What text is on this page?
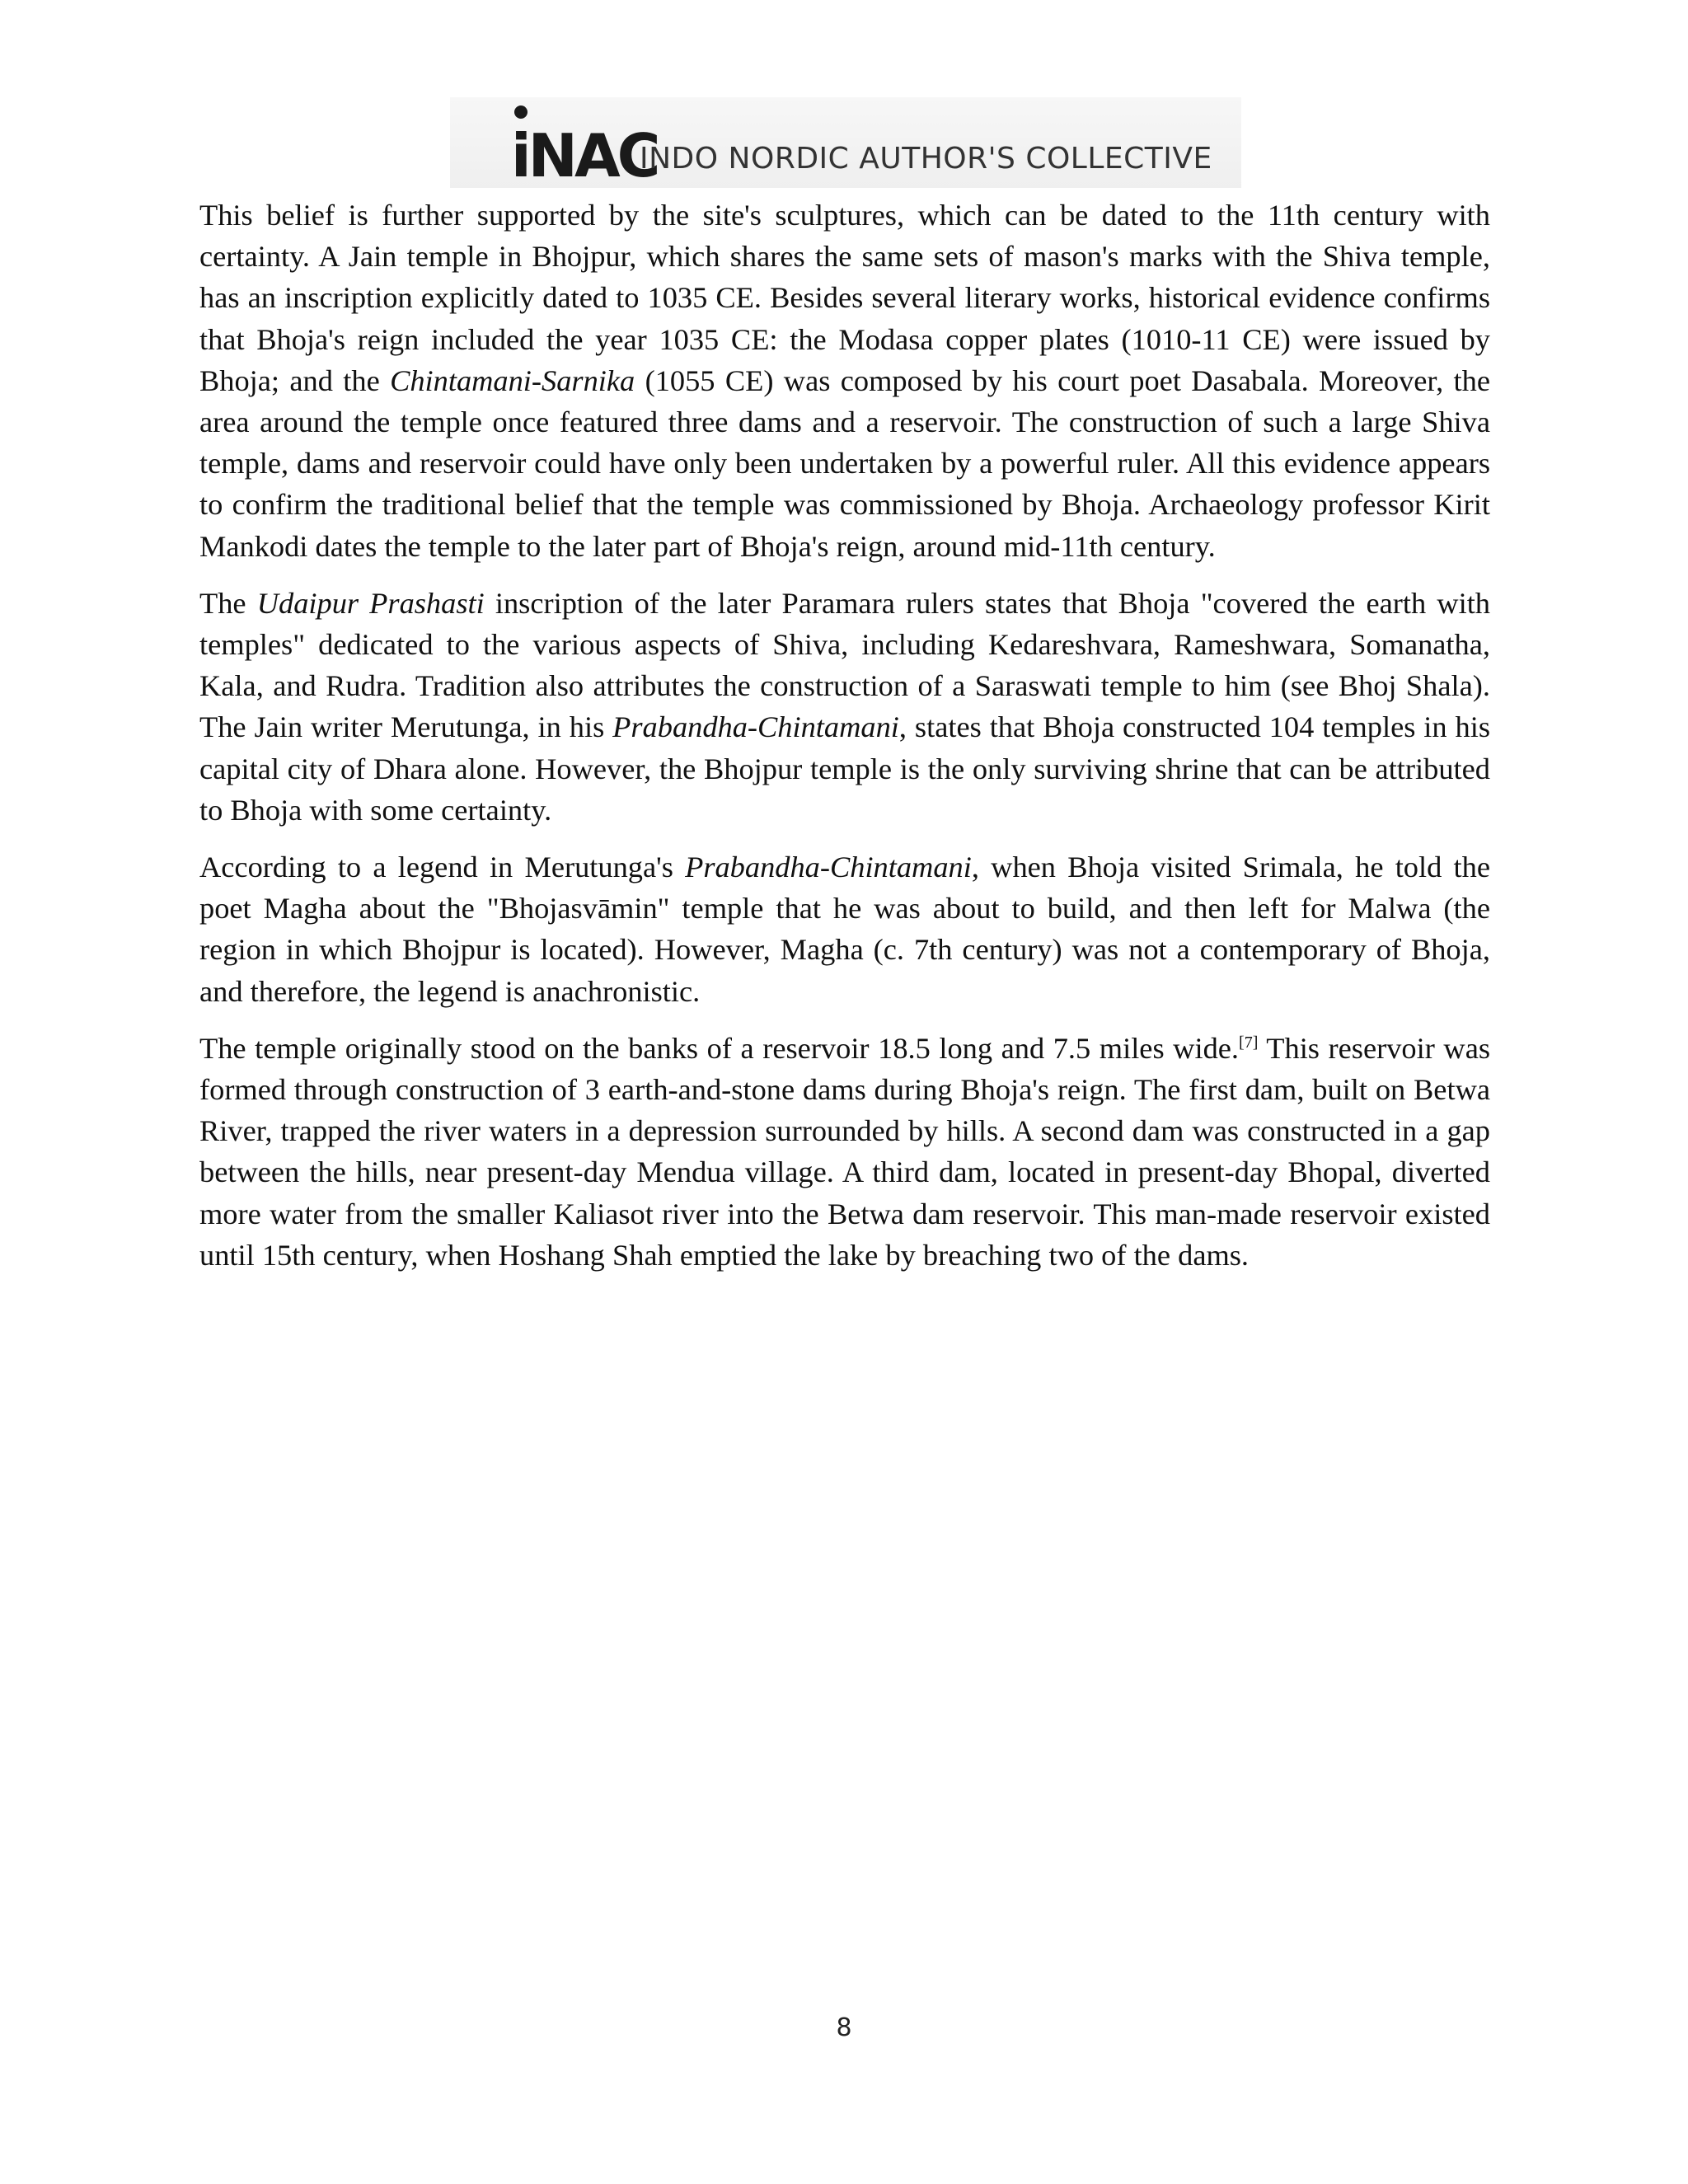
iNAC
INDO NORDIC AUTHOR'S COLLECTIVE

This belief is further supported by the site's sculptures, which can be dated to the 11th century with certainty. A Jain temple in Bhojpur, which shares the same sets of mason's marks with the Shiva temple, has an inscription explicitly dated to 1035 CE. Besides several literary works, historical evidence confirms that Bhoja's reign included the year 1035 CE: the Modasa copper plates (1010-11 CE) were issued by Bhoja; and the Chintamani-Sarnika (1055 CE) was composed by his court poet Dasabala. Moreover, the area around the temple once featured three dams and a reservoir. The construction of such a large Shiva temple, dams and reservoir could have only been undertaken by a powerful ruler. All this evidence appears to confirm the traditional belief that the temple was commissioned by Bhoja. Archaeology professor Kirit Mankodi dates the temple to the later part of Bhoja's reign, around mid-11th century.

The Udaipur Prashasti inscription of the later Paramara rulers states that Bhoja "covered the earth with temples" dedicated to the various aspects of Shiva, including Kedareshvara, Rameshwara, Somanatha, Kala, and Rudra. Tradition also attributes the construction of a Saraswati temple to him (see Bhoj Shala). The Jain writer Merutunga, in his Prabandha-Chintamani, states that Bhoja constructed 104 temples in his capital city of Dhara alone. However, the Bhojpur temple is the only surviving shrine that can be attributed to Bhoja with some certainty.

According to a legend in Merutunga's Prabandha-Chintamani, when Bhoja visited Srimala, he told the poet Magha about the "Bhojasvāmin" temple that he was about to build, and then left for Malwa (the region in which Bhojpur is located). However, Magha (c. 7th century) was not a contemporary of Bhoja, and therefore, the legend is anachronistic.

The temple originally stood on the banks of a reservoir 18.5 long and 7.5 miles wide.[7] This reservoir was formed through construction of 3 earth-and-stone dams during Bhoja's reign. The first dam, built on Betwa River, trapped the river waters in a depression surrounded by hills. A second dam was constructed in a gap between the hills, near present-day Mendua village. A third dam, located in present-day Bhopal, diverted more water from the smaller Kaliasot river into the Betwa dam reservoir. This man-made reservoir existed until 15th century, when Hoshang Shah emptied the lake by breaching two of the dams.

8
